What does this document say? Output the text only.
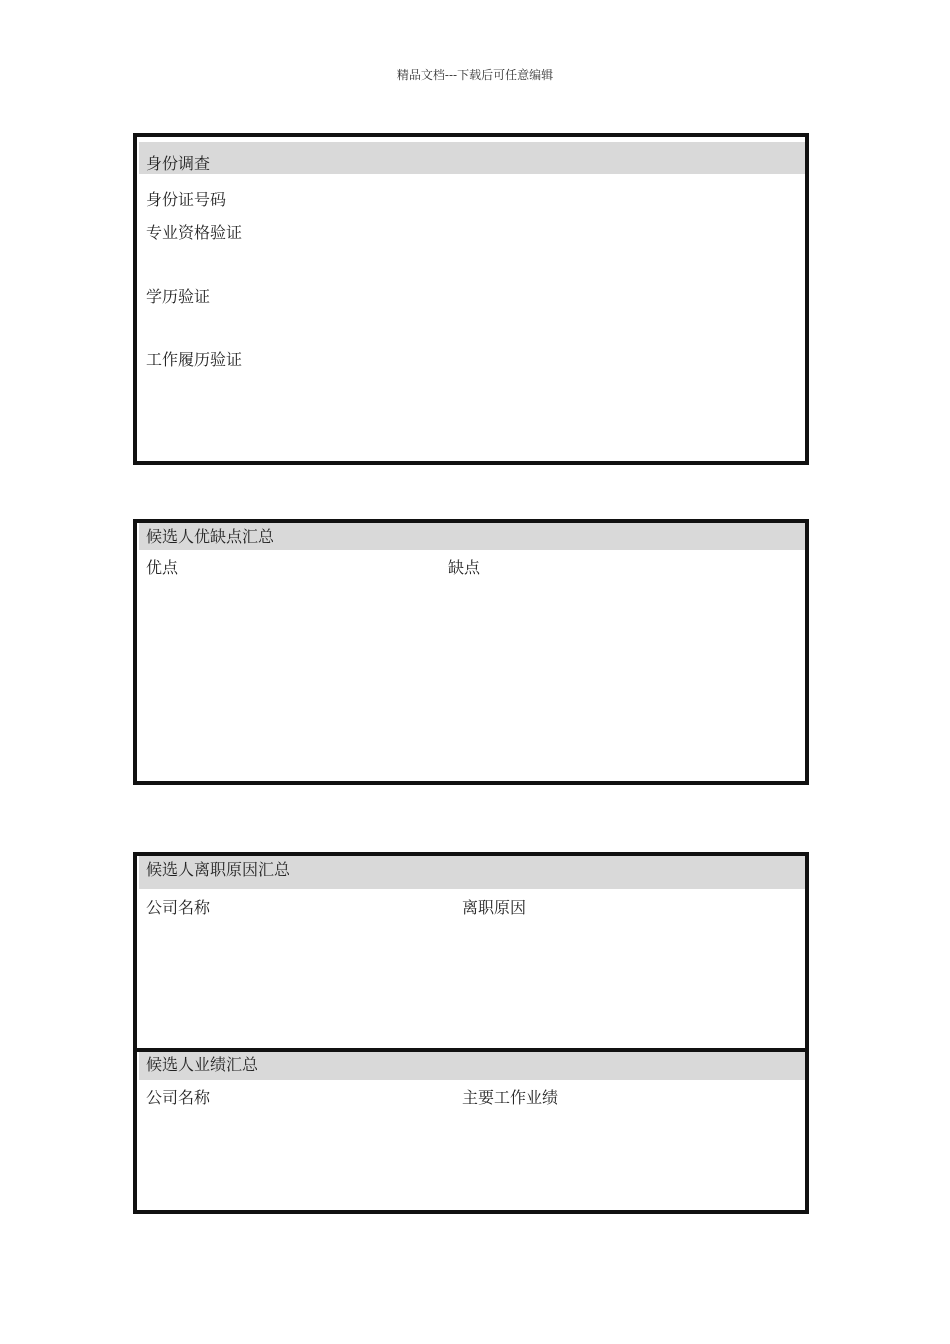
精品文档---下载后可任意编辑
身份调查
身份证号码
专业资格验证
学历验证
工作履历验证
候选人优缺点汇总
优点	缺点
候选人离职原因汇总
公司名称	离职原因
候选人业绩汇总
公司名称	主要工作业绩
